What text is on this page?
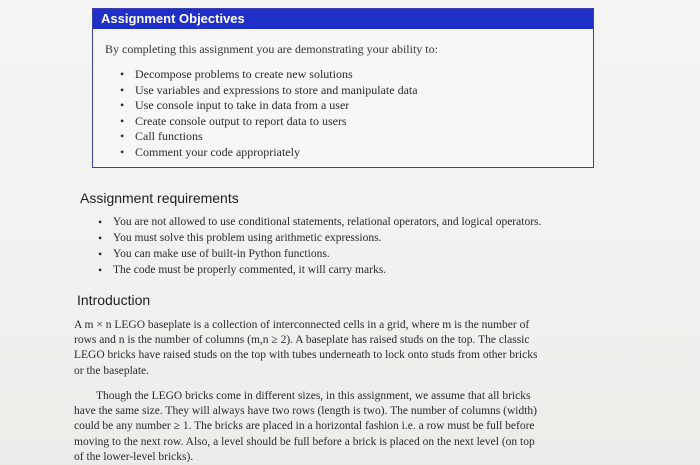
Assignment Objectives
By completing this assignment you are demonstrating your ability to:
• Decompose problems to create new solutions
• Use variables and expressions to store and manipulate data
• Use console input to take in data from a user
• Create console output to report data to users
• Call functions
• Comment your code appropriately
Assignment requirements
• You are not allowed to use conditional statements, relational operators, and logical operators.
• You must solve this problem using arithmetic expressions.
• You can make use of built-in Python functions.
• The code must be properly commented, it will carry marks.
Introduction
A m × n LEGO baseplate is a collection of interconnected cells in a grid, where m is the number of
rows and n is the number of columns (m,n ≥ 2). A baseplate has raised studs on the top. The classic
LEGO bricks have raised studs on the top with tubes underneath to lock onto studs from other bricks
or the baseplate.
Though the LEGO bricks come in different sizes, in this assignment, we assume that all bricks
have the same size. They will always have two rows (length is two). The number of columns (width)
could be any number ≥ 1. The bricks are placed in a horizontal fashion i.e. a row must be full before
moving to the next row. Also, a level should be full before a brick is placed on the next level (on top
of the lower-level bricks).
